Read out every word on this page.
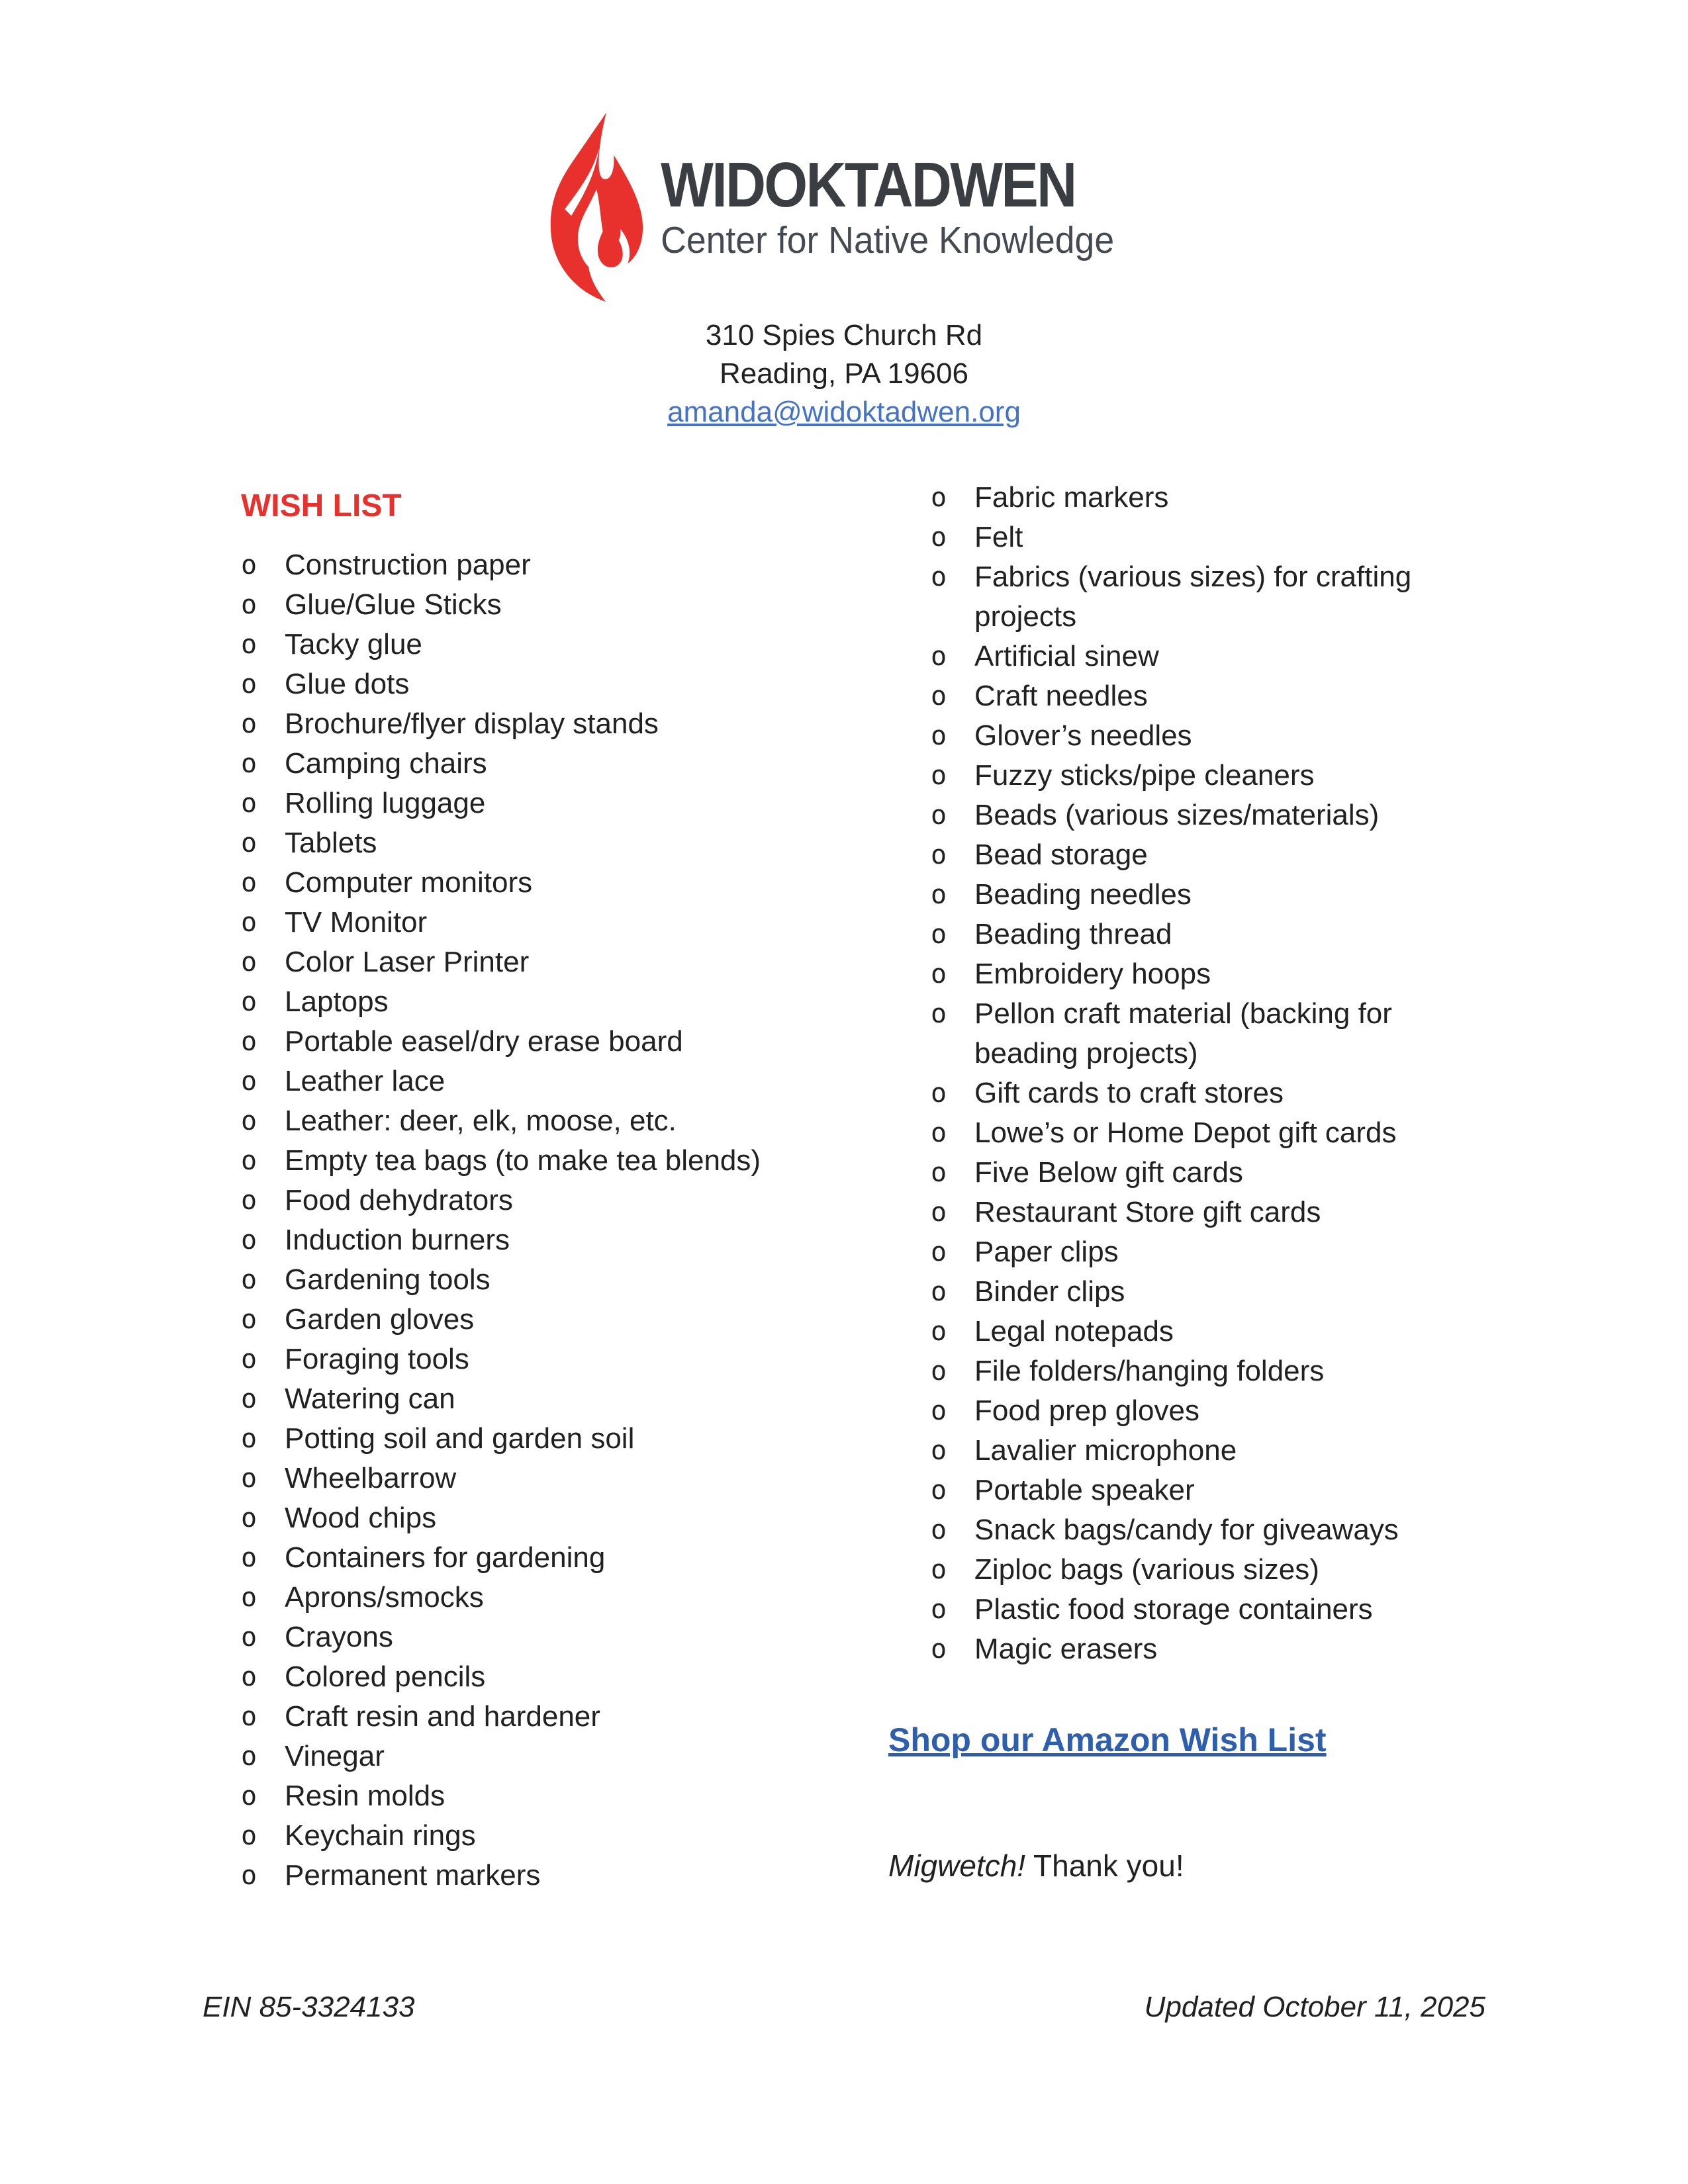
WIDOKTADWEN
Center for Native Knowledge
310 Spies Church Rd
Reading, PA 19606
amanda@widoktadwen.org
WISH LIST
o Construction paper
o Glue/Glue Sticks
o Tacky glue
o Glue dots
o Brochure/flyer display stands
o Camping chairs
o Rolling luggage
o Tablets
o Computer monitors
o TV Monitor
o Color Laser Printer
o Laptops
o Portable easel/dry erase board
o Leather lace
o Leather: deer, elk, moose, etc.
o Empty tea bags (to make tea blends)
o Food dehydrators
o Induction burners
o Gardening tools
o Garden gloves
o Foraging tools
o Watering can
o Potting soil and garden soil
o Wheelbarrow
o Wood chips
o Containers for gardening
o Aprons/smocks
o Crayons
o Colored pencils
o Craft resin and hardener
o Vinegar
o Resin molds
o Keychain rings
o Permanent markers
o Fabric markers
o Felt
o Fabrics (various sizes) for crafting projects
o Artificial sinew
o Craft needles
o Glover’s needles
o Fuzzy sticks/pipe cleaners
o Beads (various sizes/materials)
o Bead storage
o Beading needles
o Beading thread
o Embroidery hoops
o Pellon craft material (backing for beading projects)
o Gift cards to craft stores
o Lowe’s or Home Depot gift cards
o Five Below gift cards
o Restaurant Store gift cards
o Paper clips
o Binder clips
o Legal notepads
o File folders/hanging folders
o Food prep gloves
o Lavalier microphone
o Portable speaker
o Snack bags/candy for giveaways
o Ziploc bags (various sizes)
o Plastic food storage containers
o Magic erasers
Shop our Amazon Wish List
Migwetch! Thank you!
EIN 85-3324133	Updated October 11, 2025
